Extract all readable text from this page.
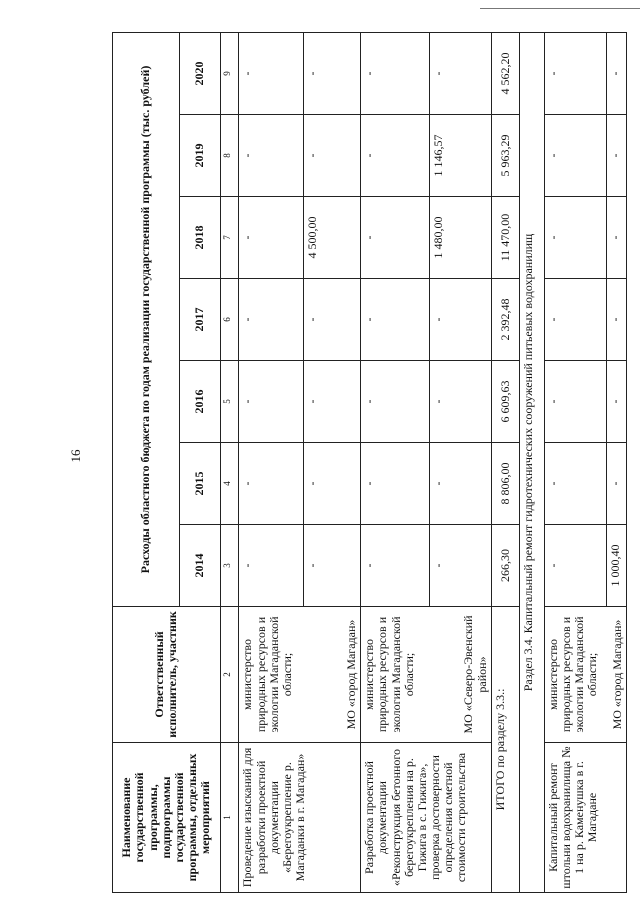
16
Наименование государственной программы, подпрограммы государственной программы, отдельных мероприятий	Ответственный исполнитель, участник	Расходы областного бюджета по годам реализации государственной программы (тыс. рублей)						
		2014	2015	2016	2017	2018	2019	2020
1	2	3	4	5	6	7	8	9
Проведение изысканий для разработки проектной документации «Берегоукрепление р. Магаданки в г. Магадан»	министерство природных ресурсов и экологии Магаданской области; МО «город Магадан»	-	-	-	-	-	-	-
		-	-	-	-	4 500,00	-	-
Разработка проектной документации «Реконструкция бетонного берегоукрепления на р. Гижига в с. Гижига», проверка достоверности определения сметной стоимости строительства	министерство природных ресурсов и экологии Магаданской области; МО «Северо-Эвенский район»	-	-	-	-	-	-	-
		-	-	-	-	1 480,00	1 146,57	-
ИТОГО по разделу 3.3.:		266,30	8 806,00	6 609,63	2 392,48	11 470,00	5 963,29	4 562,20
Раздел 3.4. Капитальный ремонт гидротехнических сооружений питьевых водохранилищ								
Капитальный ремонт штольни водохранилища № 1 на р. Каменушка в г. Магадане	министерство природных ресурсов и экологии Магаданской области; МО «город Магадан»	-	-	-	-	-	-	-
		1 000,40	-	-	-	-	-	-
